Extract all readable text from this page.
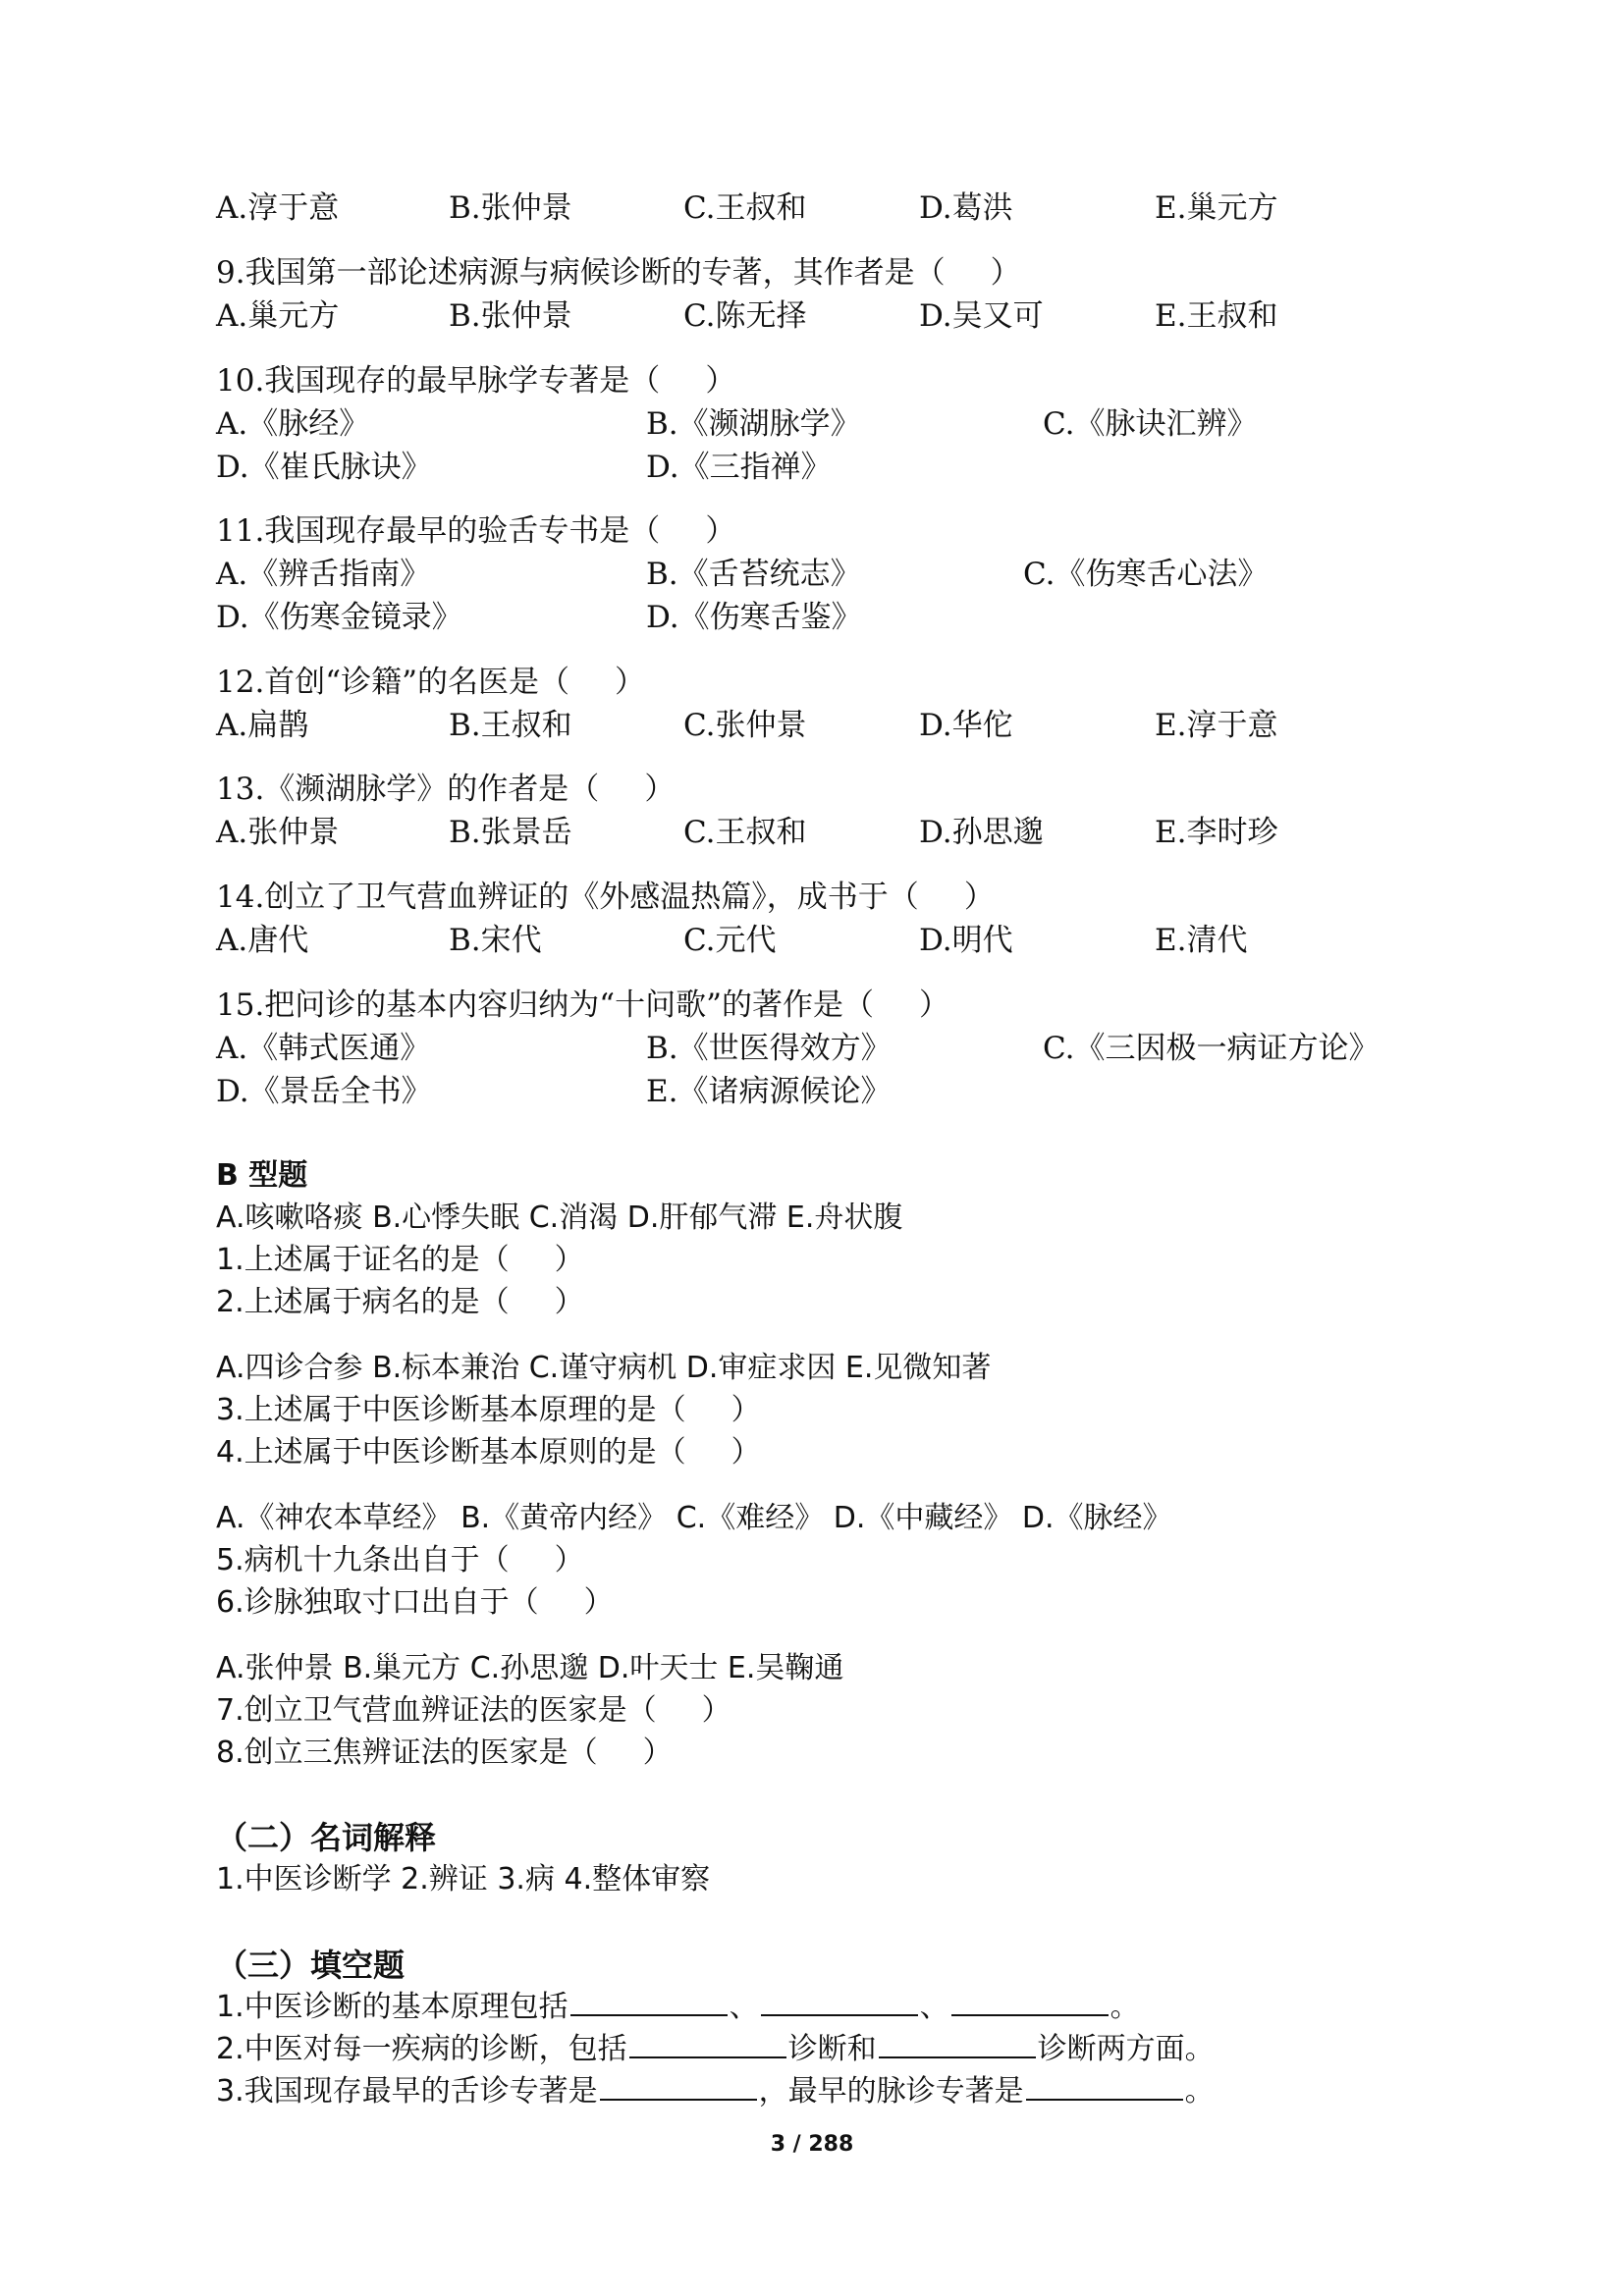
A.淳于意	B.张仲景	C.王叔和	D.葛洪	E.巢元方
9.我国第一部论述病源与病候诊断的专著，其作者是（ ）
A.巢元方	B.张仲景	C.陈无择	D.吴又可	E.王叔和
10.我国现存的最早脉学专著是（ ）
A.《脉经》	B.《濒湖脉学》	C.《脉诀汇辨》
D.《崔氏脉诀》	D.《三指禅》
11.我国现存最早的验舌专书是（ ）
A.《辨舌指南》	B.《舌苔统志》	C.《伤寒舌心法》
D.《伤寒金镜录》	D.《伤寒舌鉴》
12.首创“诊籍”的名医是（ ）
A.扁鹊	B.王叔和	C.张仲景	D.华佗	E.淳于意
13.《濒湖脉学》的作者是（ ）
A.张仲景	B.张景岳	C.王叔和	D.孙思邈	E.李时珍
14.创立了卫气营血辨证的《外感温热篇》，成书于（ ）
A.唐代	B.宋代	C.元代	D.明代	E.清代
15.把问诊的基本内容归纳为“十问歌”的著作是（ ）
A.《韩式医通》	B.《世医得效方》	C.《三因极一病证方论》
D.《景岳全书》	E.《诸病源候论》
B 型题
A.咳嗽咯痰 B.心悸失眠 C.消渴 D.肝郁气滞 E.舟状腹
1.上述属于证名的是（ ）
2.上述属于病名的是（ ）
A.四诊合参 B.标本兼治 C.谨守病机 D.审症求因 E.见微知著
3.上述属于中医诊断基本原理的是（ ）
4.上述属于中医诊断基本原则的是（ ）
A.《神农本草经》 B.《黄帝内经》 C.《难经》 D.《中藏经》 D.《脉经》
5.病机十九条出自于（ ）
6.诊脉独取寸口出自于（ ）
A.张仲景 B.巢元方 C.孙思邈 D.叶天士 E.吴鞠通
7.创立卫气营血辨证法的医家是（ ）
8.创立三焦辨证法的医家是（ ）
（二）名词解释
1.中医诊断学 2.辨证 3.病 4.整体审察
（三）填空题
1.中医诊断的基本原理包括	、	、	。
2.中医对每一疾病的诊断，包括	诊断和	诊断两方面。
3.我国现存最早的舌诊专著是	，最早的脉诊专著是	。
3 / 288
